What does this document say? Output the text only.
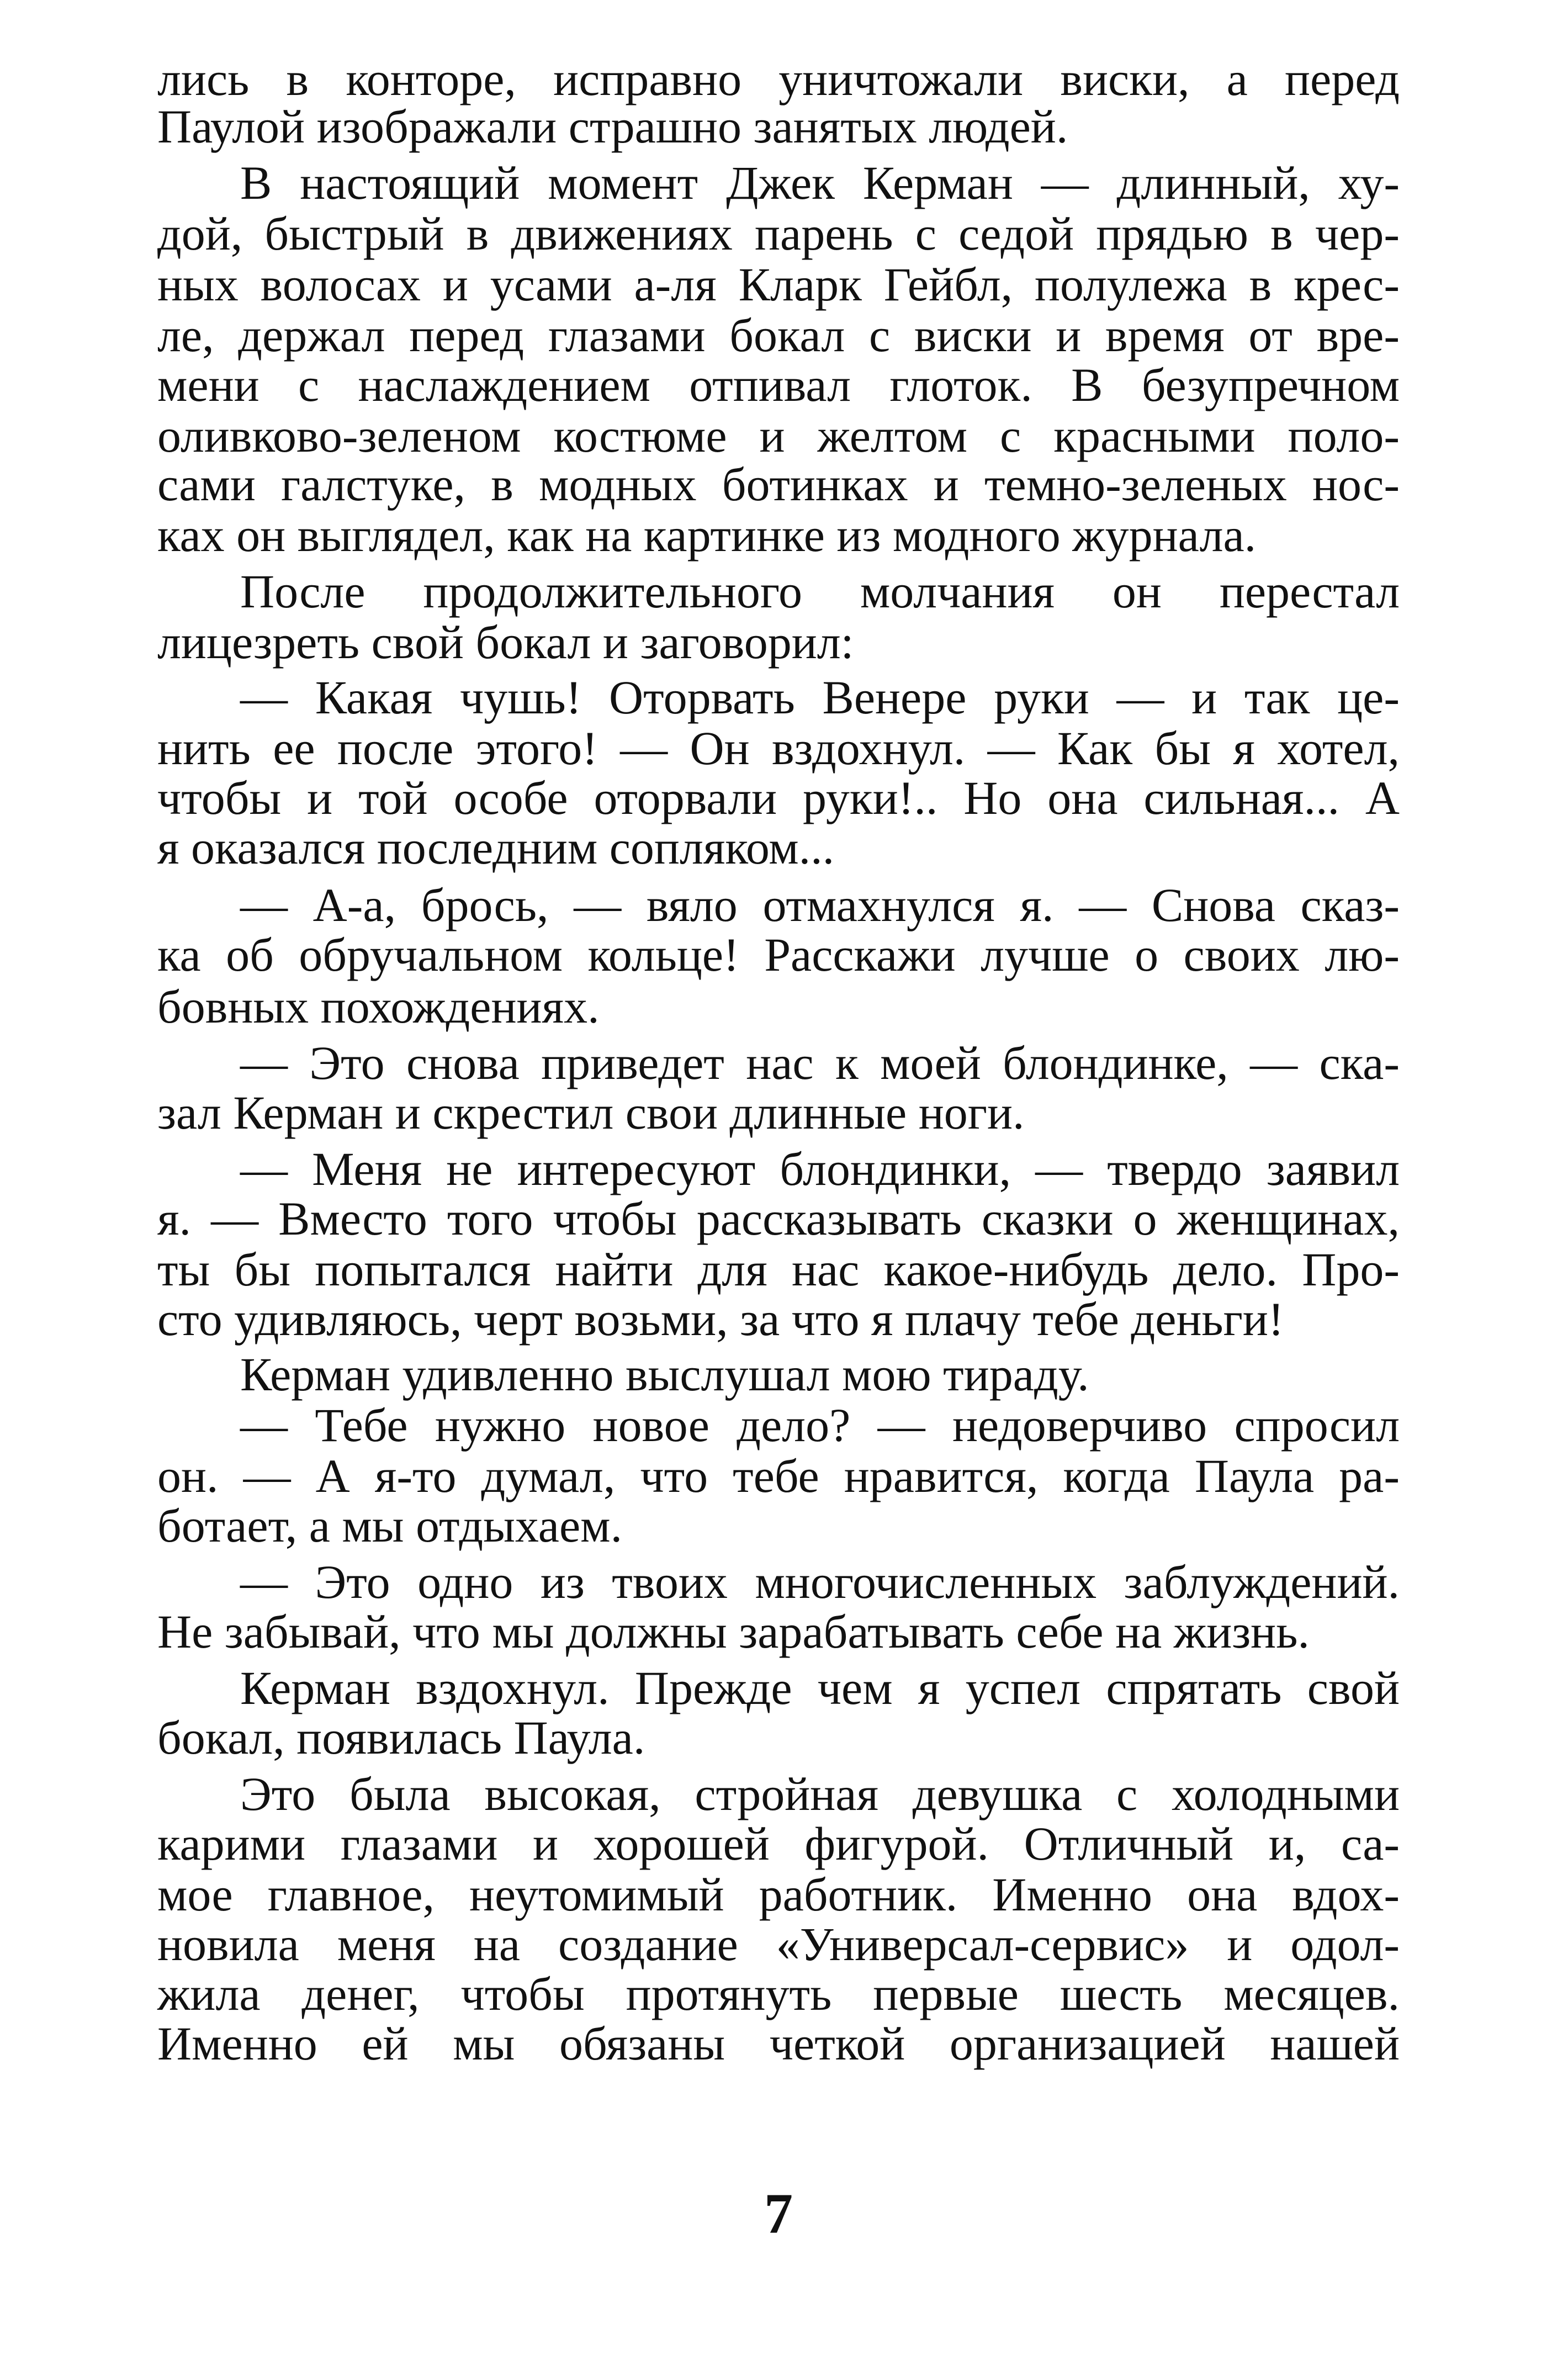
лись в конторе, исправно уничтожали виски, а перед
Паулой изображали страшно занятых людей.
В настоящий момент Джек Керман — длинный, ху-
дой, быстрый в движениях парень с седой прядью в чер-
ных волосах и усами а-ля Кларк Гейбл, полулежа в крес-
ле, держал перед глазами бокал с виски и время от вре-
мени с наслаждением отпивал глоток. В безупречном
оливково-зеленом костюме и желтом с красными поло-
сами галстуке, в модных ботинках и темно-зеленых нос-
ках он выглядел, как на картинке из модного журнала.
После продолжительного молчания он перестал
лицезреть свой бокал и заговорил:
— Какая чушь! Оторвать Венере руки — и так це-
нить ее после этого! — Он вздохнул. — Как бы я хотел,
чтобы и той особе оторвали руки!.. Но она сильная... А
я оказался последним сопляком...
— А-а, брось, — вяло отмахнулся я. — Снова сказ-
ка об обручальном кольце! Расскажи лучше о своих лю-
бовных похождениях.
— Это снова приведет нас к моей блондинке, — ска-
зал Керман и скрестил свои длинные ноги.
— Меня не интересуют блондинки, — твердо заявил
я. — Вместо того чтобы рассказывать сказки о женщинах,
ты бы попытался найти для нас какое-нибудь дело. Про-
сто удивляюсь, черт возьми, за что я плачу тебе деньги!
Керман удивленно выслушал мою тираду.
— Тебе нужно новое дело? — недоверчиво спросил
он. — А я-то думал, что тебе нравится, когда Паула ра-
ботает, а мы отдыхаем.
— Это одно из твоих многочисленных заблуждений.
Не забывай, что мы должны зарабатывать себе на жизнь.
Керман вздохнул. Прежде чем я успел спрятать свой
бокал, появилась Паула.
Это была высокая, стройная девушка с холодными
карими глазами и хорошей фигурой. Отличный и, са-
мое главное, неутомимый работник. Именно она вдох-
новила меня на создание «Универсал-сервис» и одол-
жила денег, чтобы протянуть первые шесть месяцев.
Именно ей мы обязаны четкой организацией нашей
7
